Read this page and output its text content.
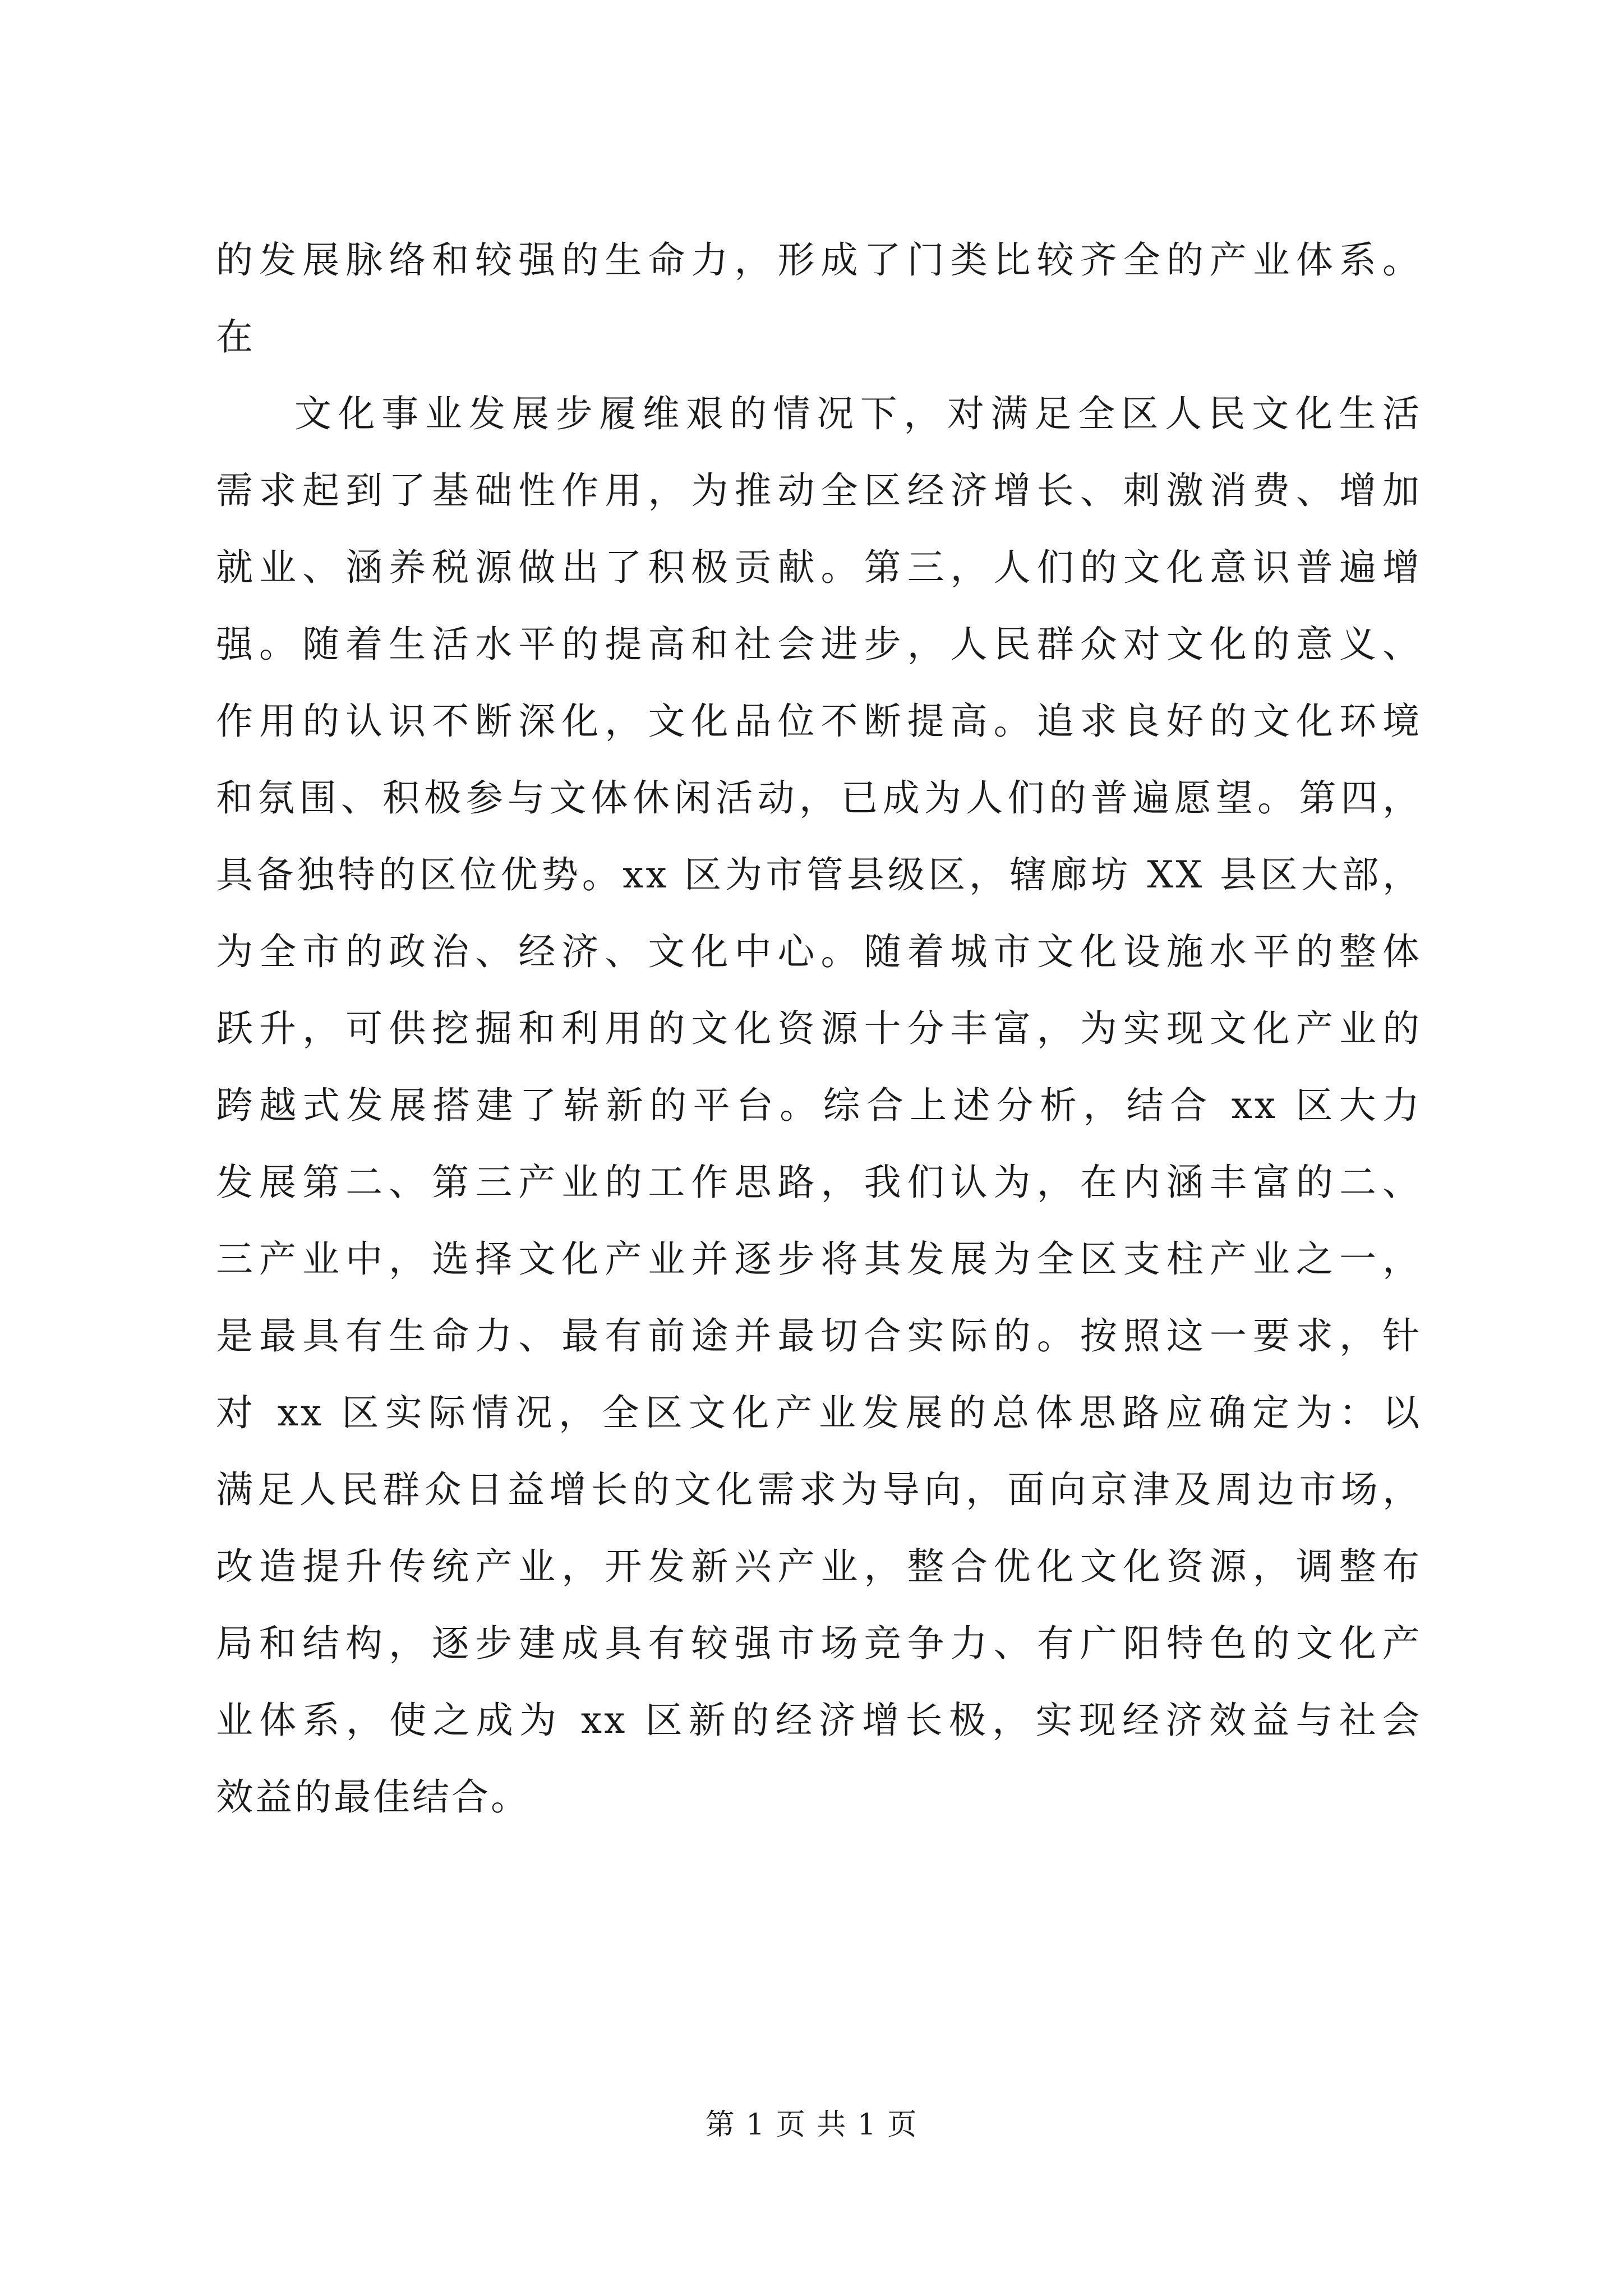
的发展脉络和较强的生命力，形成了门类比较齐全的产业体系。
在
文化事业发展步履维艰的情况下，对满足全区人民文化生活
需求起到了基础性作用，为推动全区经济增长、刺激消费、增加
就业、涵养税源做出了积极贡献。第三，人们的文化意识普遍增
强。随着生活水平的提高和社会进步，人民群众对文化的意义、
作用的认识不断深化，文化品位不断提高。追求良好的文化环境
和氛围、积极参与文体休闲活动，已成为人们的普遍愿望。第四，
具备独特的区位优势。xx 区为市管县级区，辖廊坊 XX 县区大部，
为全市的政治、经济、文化中心。随着城市文化设施水平的整体
跃升，可供挖掘和利用的文化资源十分丰富，为实现文化产业的
跨越式发展搭建了崭新的平台。综合上述分析，结合 xx 区大力
发展第二、第三产业的工作思路，我们认为，在内涵丰富的二、
三产业中，选择文化产业并逐步将其发展为全区支柱产业之一，
是最具有生命力、最有前途并最切合实际的。按照这一要求，针
对 xx 区实际情况，全区文化产业发展的总体思路应确定为：以
满足人民群众日益增长的文化需求为导向，面向京津及周边市场，
改造提升传统产业，开发新兴产业，整合优化文化资源，调整布
局和结构，逐步建成具有较强市场竞争力、有广阳特色的文化产
业体系，使之成为 xx 区新的经济增长极，实现经济效益与社会
效益的最佳结合。
第 1 页 共 1 页
